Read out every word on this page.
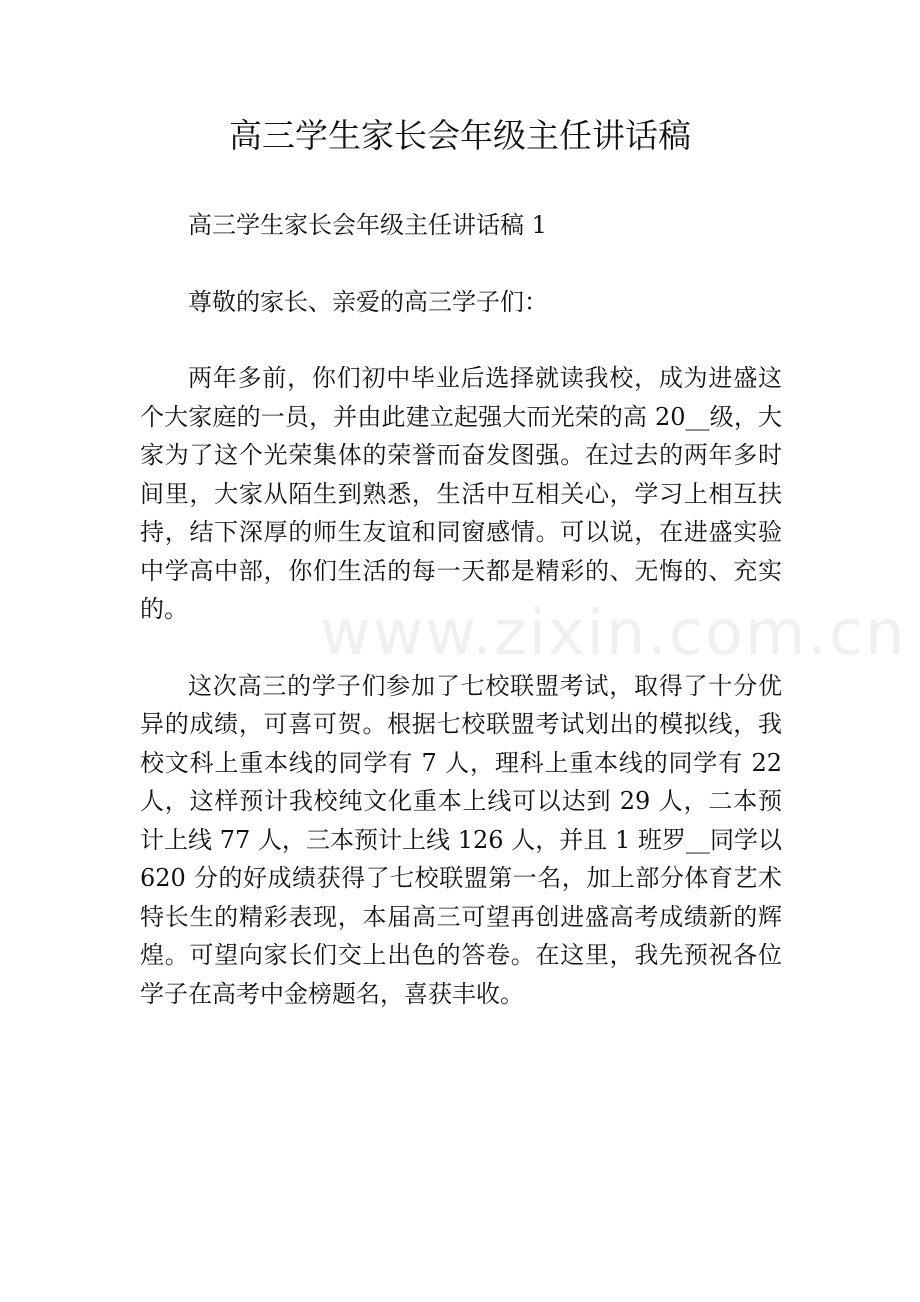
高三学生家长会年级主任讲话稿

高三学生家长会年级主任讲话稿 1

尊敬的家长、亲爱的高三学子们：

两年多前，你们初中毕业后选择就读我校，成为进盛这个大家庭的一员，并由此建立起强大而光荣的高 20__级，大家为了这个光荣集体的荣誉而奋发图强。在过去的两年多时间里，大家从陌生到熟悉，生活中互相关心，学习上相互扶持，结下深厚的师生友谊和同窗感情。可以说，在进盛实验中学高中部，你们生活的每一天都是精彩的、无悔的、充实的。

这次高三的学子们参加了七校联盟考试，取得了十分优异的成绩，可喜可贺。根据七校联盟考试划出的模拟线，我校文科上重本线的同学有 7 人，理科上重本线的同学有 22 人，这样预计我校纯文化重本上线可以达到 29 人，二本预计上线 77 人，三本预计上线 126 人，并且 1 班罗__同学以 620 分的好成绩获得了七校联盟第一名，加上部分体育艺术特长生的精彩表现，本届高三可望再创进盛高考成绩新的辉煌。可望向家长们交上出色的答卷。在这里，我先预祝各位学子在高考中金榜题名，喜获丰收。

www.zixin.com.cn
